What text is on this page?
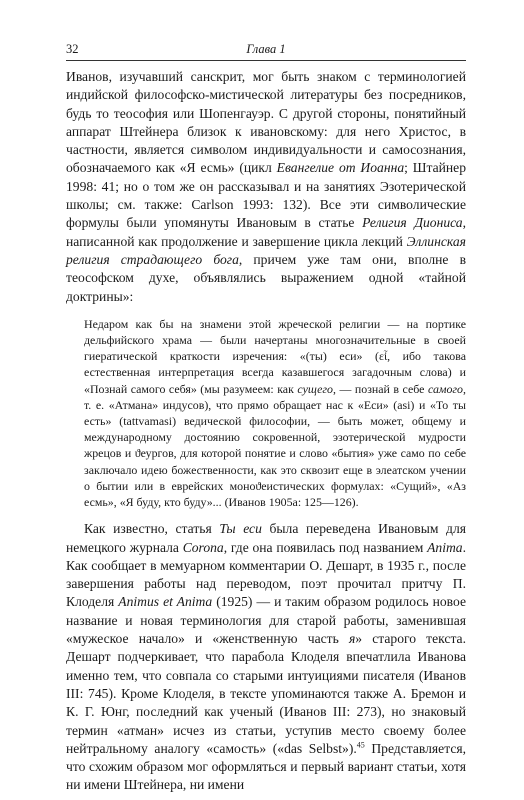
32	Глава 1

Иванов, изучавший санскрит, мог быть знаком с терминологией индийской философско-мистической литературы без посредников, будь то теософия или Шопенгауэр. С другой стороны, понятийный аппарат Штейнера близок к ивановскому: для него Христос, в частности, является символом индивидуальности и самосознания, обозначаемого как «Я есмь» (цикл Евангелие от Иоанна; Штайнер 1998: 41; но о том же он рассказывал и на занятиях Эзотерической школы; см. также: Carlson 1993: 132). Все эти символические формулы были упомянуты Ивановым в статье Религия Диониса, написанной как продолжение и завершение цикла лекций Эллинская религия страдающего бога, причем уже там они, вполне в теософском духе, объявлялись выражением одной «тайной доктрины»:

Недаром как бы на знамени этой жреческой религии — на портике дельфийского храма — были начертаны многозначительные в своей гиератической краткости изречения: «(ты) еси» (εἶ, ибо такова естественная интерпретация всегда казавшегося загадочным слова) и «Познай самого себя» (мы разумеем: как сущего, — познай в себе самого, т. е. «Атмана» индусов), что прямо обращает нас к «Еси» (asi) и «То ты есть» (tattvamasi) ведической философии, — быть может, общему и международному достоянию сокровенной, эзотерической мудрости жрецов и ϑеургов, для которой понятие и слово «бытия» уже само по себе заключало идею божественности, как это сквозит еще в элеатском учении о бытии или в еврейских моноϑеистических формулах: «Сущий», «Аз есмь», «Я буду, кто буду»... (Иванов 1905а: 125—126).

Как известно, статья Ты еси была переведена Ивановым для немецкого журнала Corona, где она появилась под названием Anima. Как сообщает в мемуарном комментарии О. Дешарт, в 1935 г., после завершения работы над переводом, поэт прочитал притчу П. Клоделя Animus et Anima (1925) — и таким образом родилось новое название и новая терминология для старой работы, заменившая «мужеское начало» и «женственную часть я» старого текста. Дешарт подчеркивает, что парабола Клоделя впечатлила Иванова именно тем, что совпала со старыми интуициями писателя (Иванов III: 745). Кроме Клоделя, в тексте упоминаются также А. Бремон и К. Г. Юнг, последний как ученый (Иванов III: 273), но знаковый термин «атман» исчез из статьи, уступив место своему более нейтральному аналогу «самость» («das Selbst»).$^{45}$ Представляется, что схожим образом мог оформляться и первый вариант статьи, хотя ни имени Штейнера, ни имени
